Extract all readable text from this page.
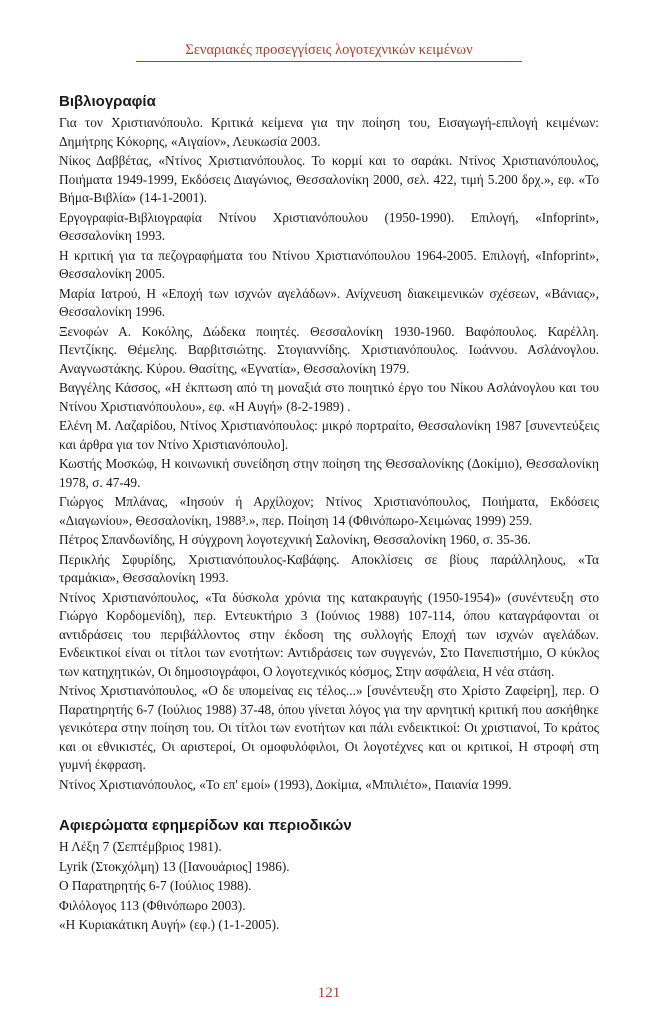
Σεναριακές προσεγγίσεις λογοτεχνικών κειμένων
Βιβλιογραφία

Για τον Χριστιανόπουλο. Κριτικά κείμενα για την ποίηση του, Εισαγωγή-επιλογή κειμένων: Δημήτρης Κόκορης, «Αιγαίον», Λευκωσία 2003.

Νίκος Δαββέτας, «Ντίνος Χριστιανόπουλος. Το κορμί και το σαράκι. Ντίνος Χριστιανόπουλος, Ποιήματα 1949-1999, Εκδόσεις Διαγώνιος, Θεσσαλονίκη 2000, σελ. 422, τιμή 5.200 δρχ.», εφ. «Το Βήμα-Βιβλία» (14-1-2001).

Εργογραφία-Βιβλιογραφία Ντίνου Χριστιανόπουλου (1950-1990). Επιλογή, «Infoprint», Θεσσαλονίκη 1993.

Η κριτική για τα πεζογραφήματα του Ντίνου Χριστιανόπουλου 1964-2005. Επιλογή, «Infoprint», Θεσσαλονίκη 2005.

Μαρία Ιατρού, Η «Εποχή των ισχνών αγελάδων». Ανίχνευση διακειμενικών σχέσεων, «Βάνιας», Θεσσαλονίκη 1996.

Ξενοφών Α. Κοκόλης, Δώδεκα ποιητές. Θεσσαλονίκη 1930-1960. Βαφόπουλος. Καρέλλη. Πεντζίκης. Θέμελης. Βαρβιτσιώτης. Στογιαννίδης. Χριστιανόπουλος. Ιωάννου. Ασλάνογλου. Αναγνωστάκης. Κύρου. Θασίτης, «Εγνατία», Θεσσαλονίκη 1979.

Βαγγέλης Κάσσος, «Η έκπτωση από τη μοναξιά στο ποιητικό έργο του Νίκου Ασλάνογλου και του Ντίνου Χριστιανόπουλου», εφ. «Η Αυγή» (8-2-1989) .

Ελένη Μ. Λαζαρίδου, Ντίνος Χριστιανόπουλος: μικρό πορτραίτο, Θεσσαλονίκη 1987 [συνεντεύξεις και άρθρα για τον Ντίνο Χριστιανόπουλο].

Κωστής Μοσκώφ, Η κοινωνική συνείδηση στην ποίηση της Θεσσαλονίκης (Δοκίμιο), Θεσσαλονίκη 1978, σ. 47-49.

Γιώργος Μπλάνας, «Ιησούν ή Αρχίλοχον; Ντίνος Χριστιανόπουλος, Ποιήματα, Εκδόσεις «Διαγωνίου», Θεσσαλονίκη, 1988³.», περ. Ποίηση 14 (Φθινόπωρο-Χειμώνας 1999) 259.

Πέτρος Σπανδωνίδης, Η σύγχρονη λογοτεχνική Σαλονίκη, Θεσσαλονίκη 1960, σ. 35-36.

Περικλής Σφυρίδης, Χριστιανόπουλος-Καβάφης. Αποκλίσεις σε βίους παράλληλους, «Τα τραμάκια», Θεσσαλονίκη 1993.

Ντίνος Χριστιανόπουλος, «Τα δύσκολα χρόνια της κατακραυγής (1950-1954)» (συνέντευξη στο Γιώργο Κορδομενίδη), περ. Εντευκτήριο 3 (Ιούνιος 1988) 107-114, όπου καταγράφονται οι αντιδράσεις του περιβάλλοντος στην έκδοση της συλλογής Εποχή των ισχνών αγελάδων. Ενδεικτικοί είναι οι τίτλοι των ενοτήτων: Αντιδράσεις των συγγενών, Στο Πανεπιστήμιο, Ο κύκλος των κατηχητικών, Οι δημοσιογράφοι, Ο λογοτεχνικός κόσμος, Στην ασφάλεια, Η νέα στάση.

Ντίνος Χριστιανόπουλος, «Ο δε υπομείνας εις τέλος...» [συνέντευξη στο Χρίστο Ζαφείρη], περ. Ο Παρατηρητής 6-7 (Ιούλιος 1988) 37-48, όπου γίνεται λόγος για την αρνητική κριτική που ασκήθηκε γενικότερα στην ποίηση του. Οι τίτλοι των ενοτήτων και πάλι ενδεικτικοί: Οι χριστιανοί, Το κράτος και οι εθνικιστές, Οι αριστεροί, Οι ομοφυλόφιλοι, Οι λογοτέχνες και οι κριτικοί, Η στροφή στη γυμνή έκφραση.

Ντίνος Χριστιανόπουλος, «Το επ' εμοί» (1993), Δοκίμια, «Μπιλιέτο», Παιανία 1999.

Αφιερώματα εφημερίδων και περιοδικών

Η Λέξη 7 (Σεπτέμβριος 1981).

Lyrik (Στοκχόλμη) 13 ([Ιανουάριος] 1986).

Ο Παρατηρητής 6-7 (Ιούλιος 1988).

Φιλόλογος 113 (Φθινόπωρο 2003).

«Η Κυριακάτικη Αυγή» (εφ.) (1-1-2005).

121
